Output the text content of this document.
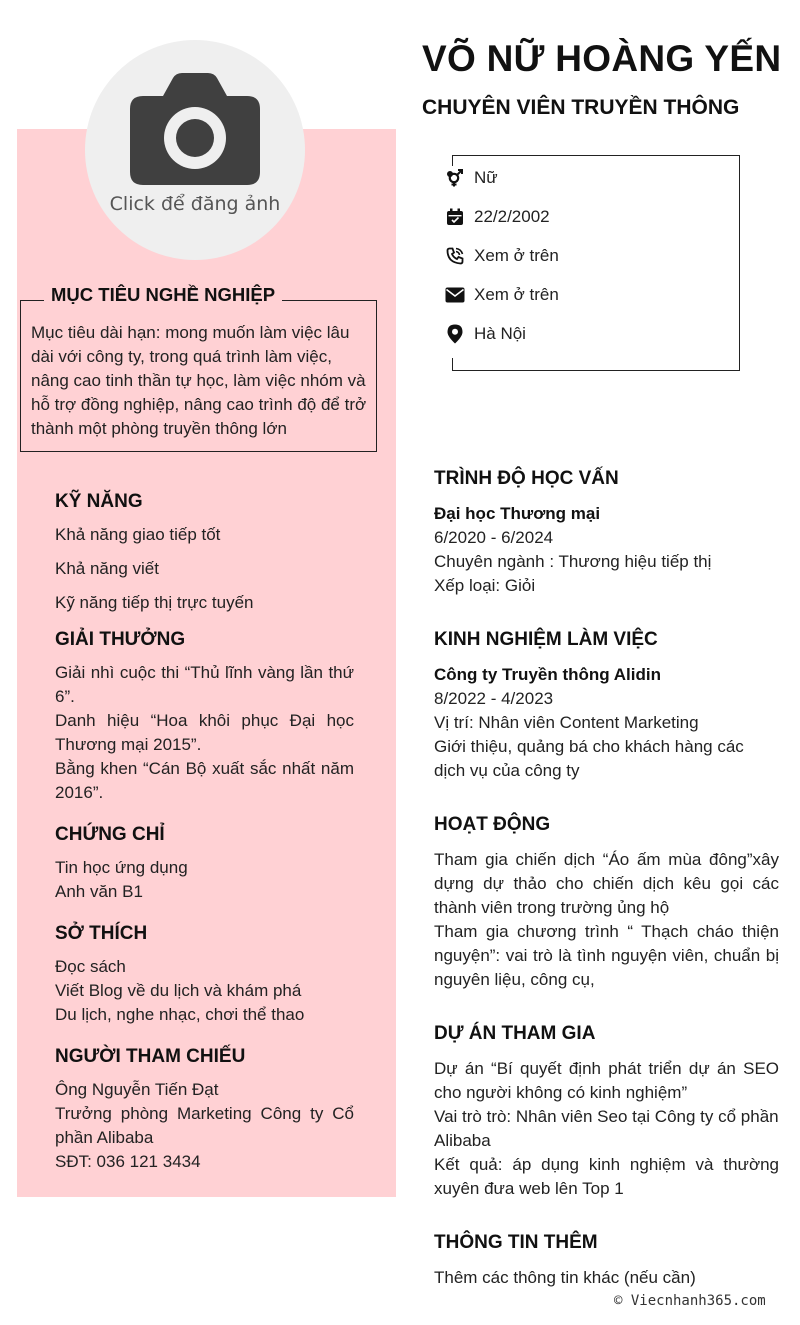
Click để đăng ảnh
VÕ NỮ HOÀNG YẾN
CHUYÊN VIÊN TRUYỀN THÔNG
Nữ
22/2/2002
Xem ở trên
Xem ở trên
Hà Nội
MỤC TIÊU NGHỀ NGHIỆP
Mục tiêu dài hạn: mong muốn làm việc lâu dài với công ty, trong quá trình làm việc, nâng cao tinh thần tự học, làm việc nhóm và hỗ trợ đồng nghiệp, nâng cao trình độ để trở thành một phòng truyền thông lớn
KỸ NĂNG
Khả năng giao tiếp tốt
Khả năng viết
Kỹ năng tiếp thị trực tuyến
GIẢI THƯỞNG
Giải nhì cuộc thi “Thủ lĩnh vàng lần thứ 6”.
Danh hiệu “Hoa khôi phục Đại học Thương mại 2015”.
Bằng khen “Cán Bộ xuất sắc nhất năm 2016”.
CHỨNG CHỈ
Tin học ứng dụng
Anh văn B1
SỞ THÍCH
Đọc sách
Viết Blog về du lịch và khám phá
Du lịch, nghe nhạc, chơi thể thao
NGƯỜI THAM CHIẾU
Ông Nguyễn Tiến Đạt
Trưởng phòng Marketing Công ty Cổ phần Alibaba
SĐT: 036 121 3434
TRÌNH ĐỘ HỌC VẤN
Đại học Thương mại
6/2020 - 6/2024
Chuyên ngành : Thương hiệu tiếp thị
Xếp loại: Giỏi
KINH NGHIỆM LÀM VIỆC
Công ty Truyền thông Alidin
8/2022 - 4/2023
Vị trí: Nhân viên Content Marketing
Giới thiệu, quảng bá cho khách hàng các dịch vụ của công ty
HOẠT ĐỘNG
Tham gia chiến dịch “Áo ấm mùa đông”xây dựng dự thảo cho chiến dịch kêu gọi các thành viên trong trường ủng hộ
Tham gia chương trình “ Thạch cháo thiện nguyện”: vai trò là tình nguyện viên, chuẩn bị nguyên liệu, công cụ,
DỰ ÁN THAM GIA
Dự án “Bí quyết định phát triển dự án SEO cho người không có kinh nghiệm”
Vai trò trò: Nhân viên Seo tại Công ty cổ phần Alibaba
Kết quả: áp dụng kinh nghiệm và thường xuyên đưa web lên Top 1
THÔNG TIN THÊM
Thêm các thông tin khác (nếu cần)
© Viecnhanh365.com
